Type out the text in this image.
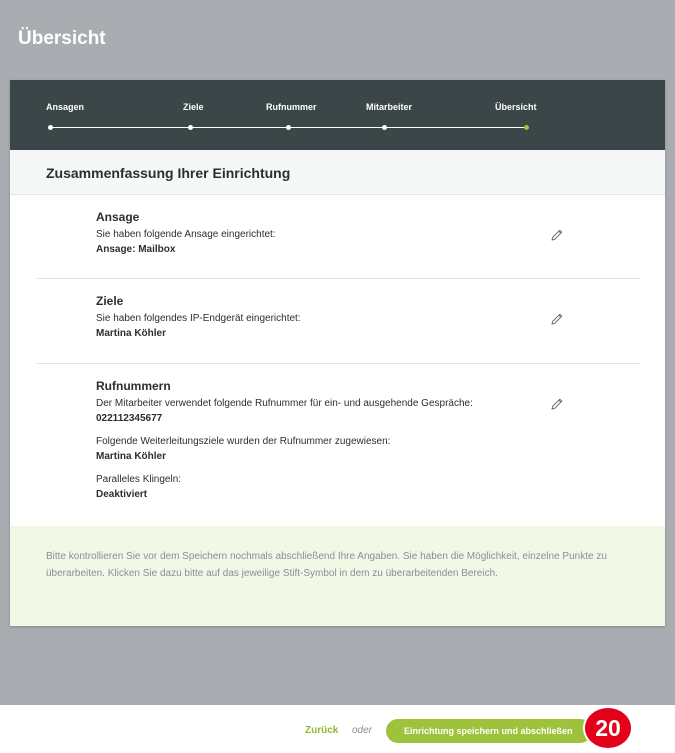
Übersicht
Ansagen	Ziele	Rufnummer	Mitarbeiter	Übersicht
Zusammenfassung Ihrer Einrichtung

Ansage

Sie haben folgende Ansage eingerichtet:

Ansage: Mailbox

Ziele

Sie haben folgendes IP-Endgerät eingerichtet:

Martina Köhler

Rufnummern

Der Mitarbeiter verwendet folgende Rufnummer für ein- und ausgehende Gespräche:

022112345677

Folgende Weiterleitungsziele wurden der Rufnummer zugewiesen:

Martina Köhler

Paralleles Klingeln:

Deaktiviert

Bitte kontrollieren Sie vor dem Speichern nochmals abschließend Ihre Angaben. Sie haben die Möglichkeit, einzelne Punkte zu überarbeiten. Klicken Sie dazu bitte auf das jeweilige Stift-Symbol in dem zu überarbeitenden Bereich.
Zurück oder	Einrichtung speichern und abschließen 20
